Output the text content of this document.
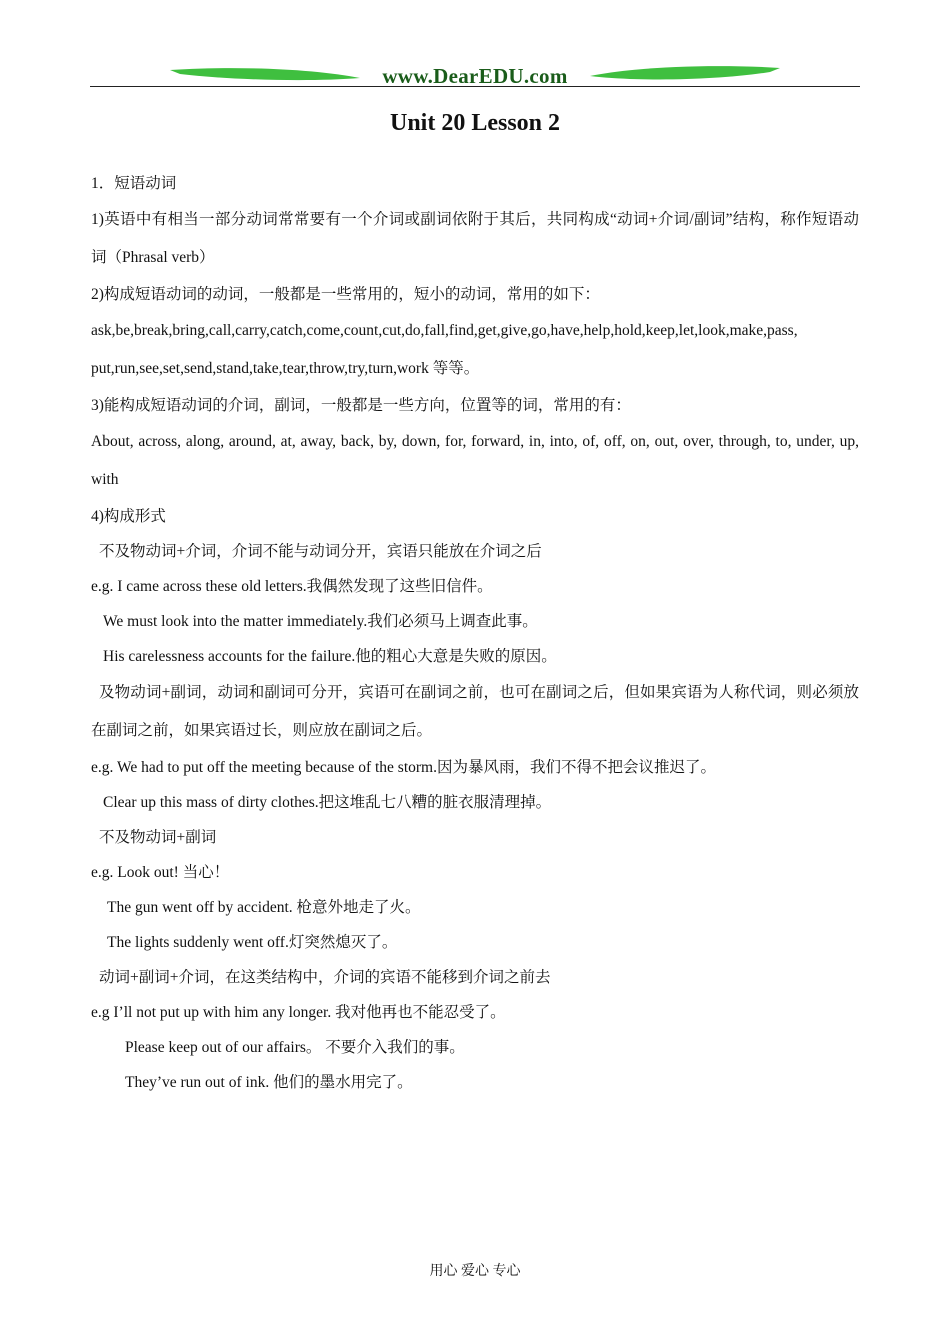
www.DearEDU.com
Unit 20 Lesson 2

1．短语动词

1)英语中有相当一部分动词常常要有一个介词或副词依附于其后，共同构成“动词+介词/副词”结构，称作短语动词（Phrasal verb）

2)构成短语动词的动词，一般都是一些常用的，短小的动词，常用的如下：

ask,be,break,bring,call,carry,catch,come,count,cut,do,fall,find,get,give,go,have,help,hold,keep,let,look,make,pass, put,run,see,set,send,stand,take,tear,throw,try,turn,work 等等。

3)能构成短语动词的介词，副词，一般都是一些方向，位置等的词，常用的有：

About, across, along, around, at, away, back, by, down, for, forward, in, into, of, off, on, out, over, through, to, under, up, with

4)构成形式

不及物动词+介词，介词不能与动词分开，宾语只能放在介词之后

e.g. I came across these old letters.我偶然发现了这些旧信件。

We must look into the matter immediately.我们必须马上调查此事。

His carelessness accounts for the failure.他的粗心大意是失败的原因。

及物动词+副词，动词和副词可分开，宾语可在副词之前，也可在副词之后，但如果宾语为人称代词，则必须放在副词之前，如果宾语过长，则应放在副词之后。

e.g. We had to put off the meeting because of the storm.因为暴风雨，我们不得不把会议推迟了。

Clear up this mass of dirty clothes.把这堆乱七八糟的脏衣服清理掉。

不及物动词+副词

e.g. Look out! 当心！

The gun went off by accident. 枪意外地走了火。

The lights suddenly went off.灯突然熄灭了。

动词+副词+介词，在这类结构中，介词的宾语不能移到介词之前去

e.g I’ll not put up with him any longer. 我对他再也不能忍受了。

Please keep out of our affairs。 不要介入我们的事。

They’ve run out of ink. 他们的墨水用完了。

用心 爱心 专心
